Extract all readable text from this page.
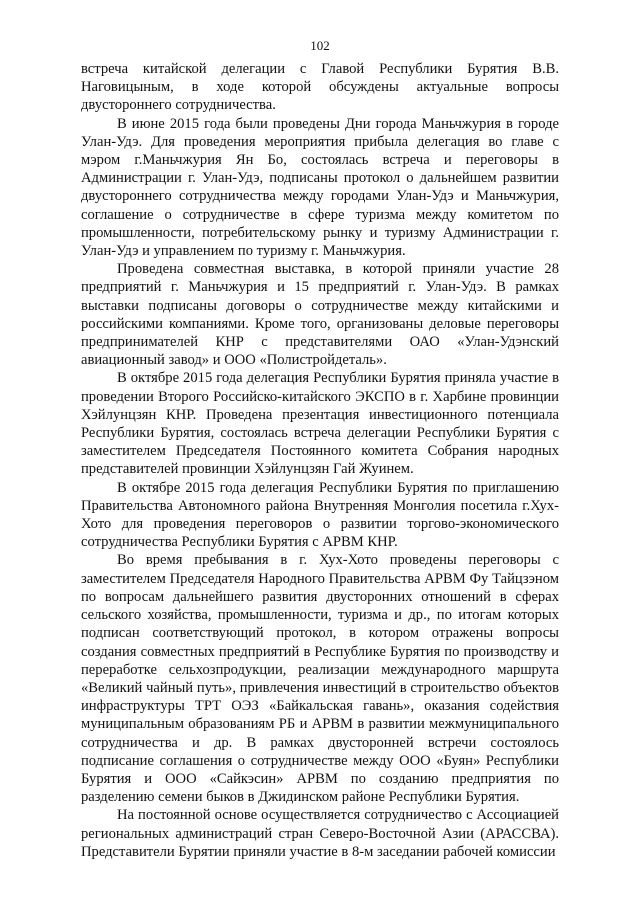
102

встреча китайской делегации с Главой Республики Бурятия В.В. Наговицыным, в ходе которой обсуждены актуальные вопросы двустороннего сотрудничества.

В июне 2015 года были проведены Дни города Маньчжурия в городе Улан-Удэ. Для проведения мероприятия прибыла делегация во главе с мэром г.Маньчжурия Ян Бо, состоялась встреча и переговоры в Администрации г. Улан-Удэ, подписаны протокол о дальнейшем развитии двустороннего сотрудничества между городами Улан-Удэ и Маньчжурия, соглашение о сотрудничестве в сфере туризма между комитетом по промышленности, потребительскому рынку и туризму Администрации г. Улан-Удэ и управлением по туризму г. Маньчжурия.

Проведена совместная выставка, в которой приняли участие 28 предприятий г. Маньчжурия и 15 предприятий г. Улан-Удэ. В рамках выставки подписаны договоры о сотрудничестве между китайскими и российскими компаниями. Кроме того, организованы деловые переговоры предпринимателей КНР с представителями ОАО «Улан-Удэнский авиационный завод» и ООО «Полистройдеталь».

В октябре 2015 года делегация Республики Бурятия приняла участие в проведении Второго Российско-китайского ЭКСПО в г. Харбине провинции Хэйлунцзян КНР. Проведена презентация инвестиционного потенциала Республики Бурятия, состоялась встреча делегации Республики Бурятия с заместителем Председателя Постоянного комитета Собрания народных представителей провинции Хэйлунцзян Гай Жуинем.

В октябре 2015 года делегация Республики Бурятия по приглашению Правительства Автономного района Внутренняя Монголия посетила г.Хух-Хото для проведения переговоров о развитии торгово-экономического сотрудничества Республики Бурятия с АРВМ КНР.

Во время пребывания в г. Хух-Хото проведены переговоры с заместителем Председателя Народного Правительства АРВМ Фу Тайцзэном по вопросам дальнейшего развития двусторонних отношений в сферах сельского хозяйства, промышленности, туризма и др., по итогам которых подписан соответствующий протокол, в котором отражены вопросы создания совместных предприятий в Республике Бурятия по производству и переработке сельхозпродукции, реализации международного маршрута «Великий чайный путь», привлечения инвестиций в строительство объектов инфраструктуры ТРТ ОЭЗ «Байкальская гавань», оказания содействия муниципальным образованиям РБ и АРВМ в развитии межмуниципального сотрудничества и др. В рамках двусторонней встречи состоялось подписание соглашения о сотрудничестве между ООО «Буян» Республики Бурятия и ООО «Сайкэсин» АРВМ по созданию предприятия по разделению семени быков в Джидинском районе Республики Бурятия.

На постоянной основе осуществляется сотрудничество с Ассоциацией региональных администраций стран Северо-Восточной Азии (АРАССВА). Представители Бурятии приняли участие в 8-м заседании рабочей комиссии
